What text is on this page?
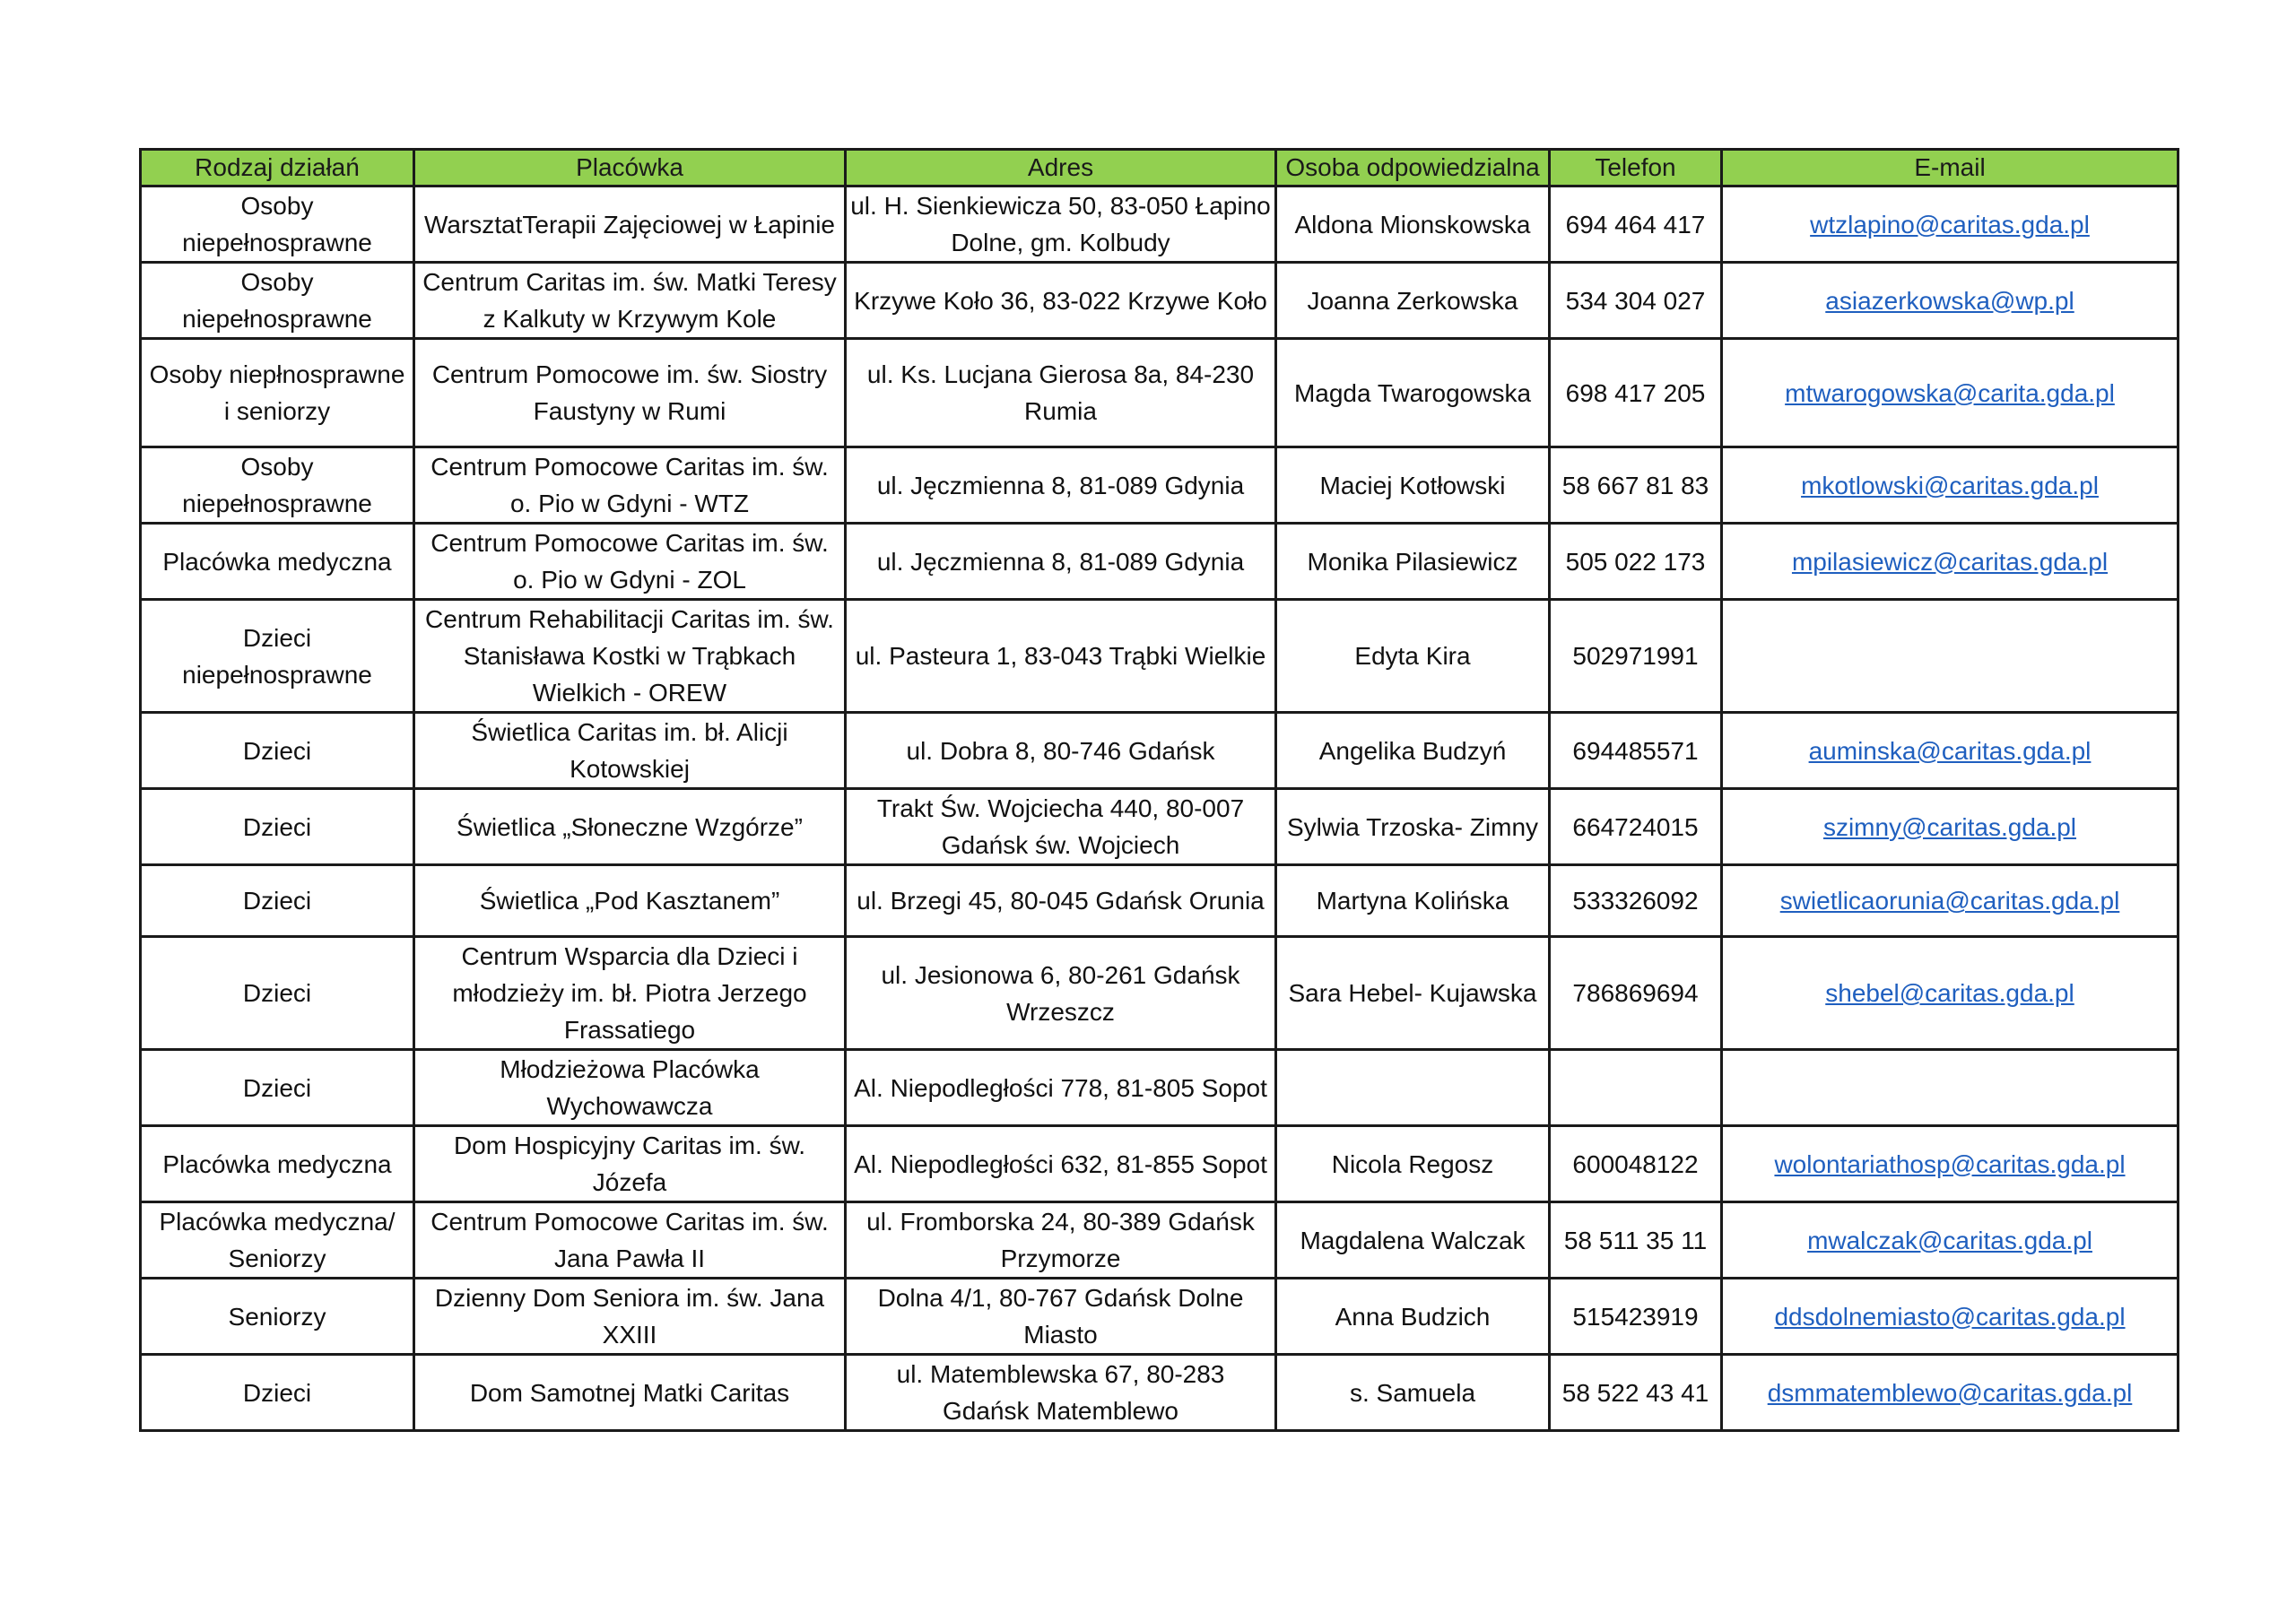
Rodzaj działań	Placówka	Adres	Osoba odpowiedzialna	Telefon	E-mail
Osoby niepełnosprawne	WarsztatTerapii Zajęciowej w Łapinie	ul. H. Sienkiewicza 50, 83-050 Łapino Dolne, gm. Kolbudy	Aldona Mionskowska	694 464 417	wtzlapino@caritas.gda.pl
Osoby niepełnosprawne	Centrum Caritas im. św. Matki Teresy z Kalkuty w Krzywym Kole	Krzywe Koło 36, 83-022 Krzywe Koło	Joanna Zerkowska	534 304 027	asiazerkowska@wp.pl
Osoby niepłnosprawne i seniorzy	Centrum Pomocowe im. św. Siostry Faustyny w Rumi	ul. Ks. Lucjana Gierosa 8a, 84-230 Rumia	Magda Twarogowska	698 417 205	mtwarogowska@carita.gda.pl
Osoby niepełnosprawne	Centrum Pomocowe Caritas im. św. o. Pio w Gdyni - WTZ	ul. Jęczmienna 8, 81-089 Gdynia	Maciej Kotłowski	58 667 81 83	mkotlowski@caritas.gda.pl
Placówka medyczna	Centrum Pomocowe Caritas im. św. o. Pio w Gdyni - ZOL	ul. Jęczmienna 8, 81-089 Gdynia	Monika Pilasiewicz	505 022 173	mpilasiewicz@caritas.gda.pl
Dzieci niepełnosprawne	Centrum Rehabilitacji Caritas im. św. Stanisława Kostki w Trąbkach Wielkich - OREW	ul. Pasteura 1, 83-043 Trąbki Wielkie	Edyta Kira	502971991	
Dzieci	Świetlica Caritas im. bł. Alicji Kotowskiej	ul. Dobra 8, 80-746 Gdańsk	Angelika Budzyń	694485571	auminska@caritas.gda.pl
Dzieci	Świetlica „Słoneczne Wzgórze”	Trakt Św. Wojciecha 440, 80-007 Gdańsk św. Wojciech	Sylwia Trzoska- Zimny	664724015	szimny@caritas.gda.pl
Dzieci	Świetlica „Pod Kasztanem”	ul. Brzegi 45, 80-045 Gdańsk Orunia	Martyna Kolińska	533326092	swietlicaorunia@caritas.gda.pl
Dzieci	Centrum Wsparcia dla Dzieci i młodzieży im. bł. Piotra Jerzego Frassatiego	ul. Jesionowa 6, 80-261 Gdańsk Wrzeszcz	Sara Hebel- Kujawska	786869694	shebel@caritas.gda.pl
Dzieci	Młodzieżowa Placówka Wychowawcza	Al. Niepodległości 778, 81-805 Sopot			
Placówka medyczna	Dom Hospicyjny Caritas im. św. Józefa	Al. Niepodległości 632, 81-855 Sopot	Nicola Regosz	600048122	wolontariathosp@caritas.gda.pl
Placówka medyczna/ Seniorzy	Centrum Pomocowe Caritas im. św. Jana Pawła II	ul. Fromborska 24, 80-389 Gdańsk Przymorze	Magdalena Walczak	58 511 35 11	mwalczak@caritas.gda.pl
Seniorzy	Dzienny Dom Seniora im. św. Jana XXIII	Dolna 4/1, 80-767 Gdańsk Dolne Miasto	Anna Budzich	515423919	ddsdolnemiasto@caritas.gda.pl
Dzieci	Dom Samotnej Matki Caritas	ul. Matemblewska 67, 80-283 Gdańsk Matemblewo	s. Samuela	58 522 43 41	dsmmatemblewo@caritas.gda.pl
